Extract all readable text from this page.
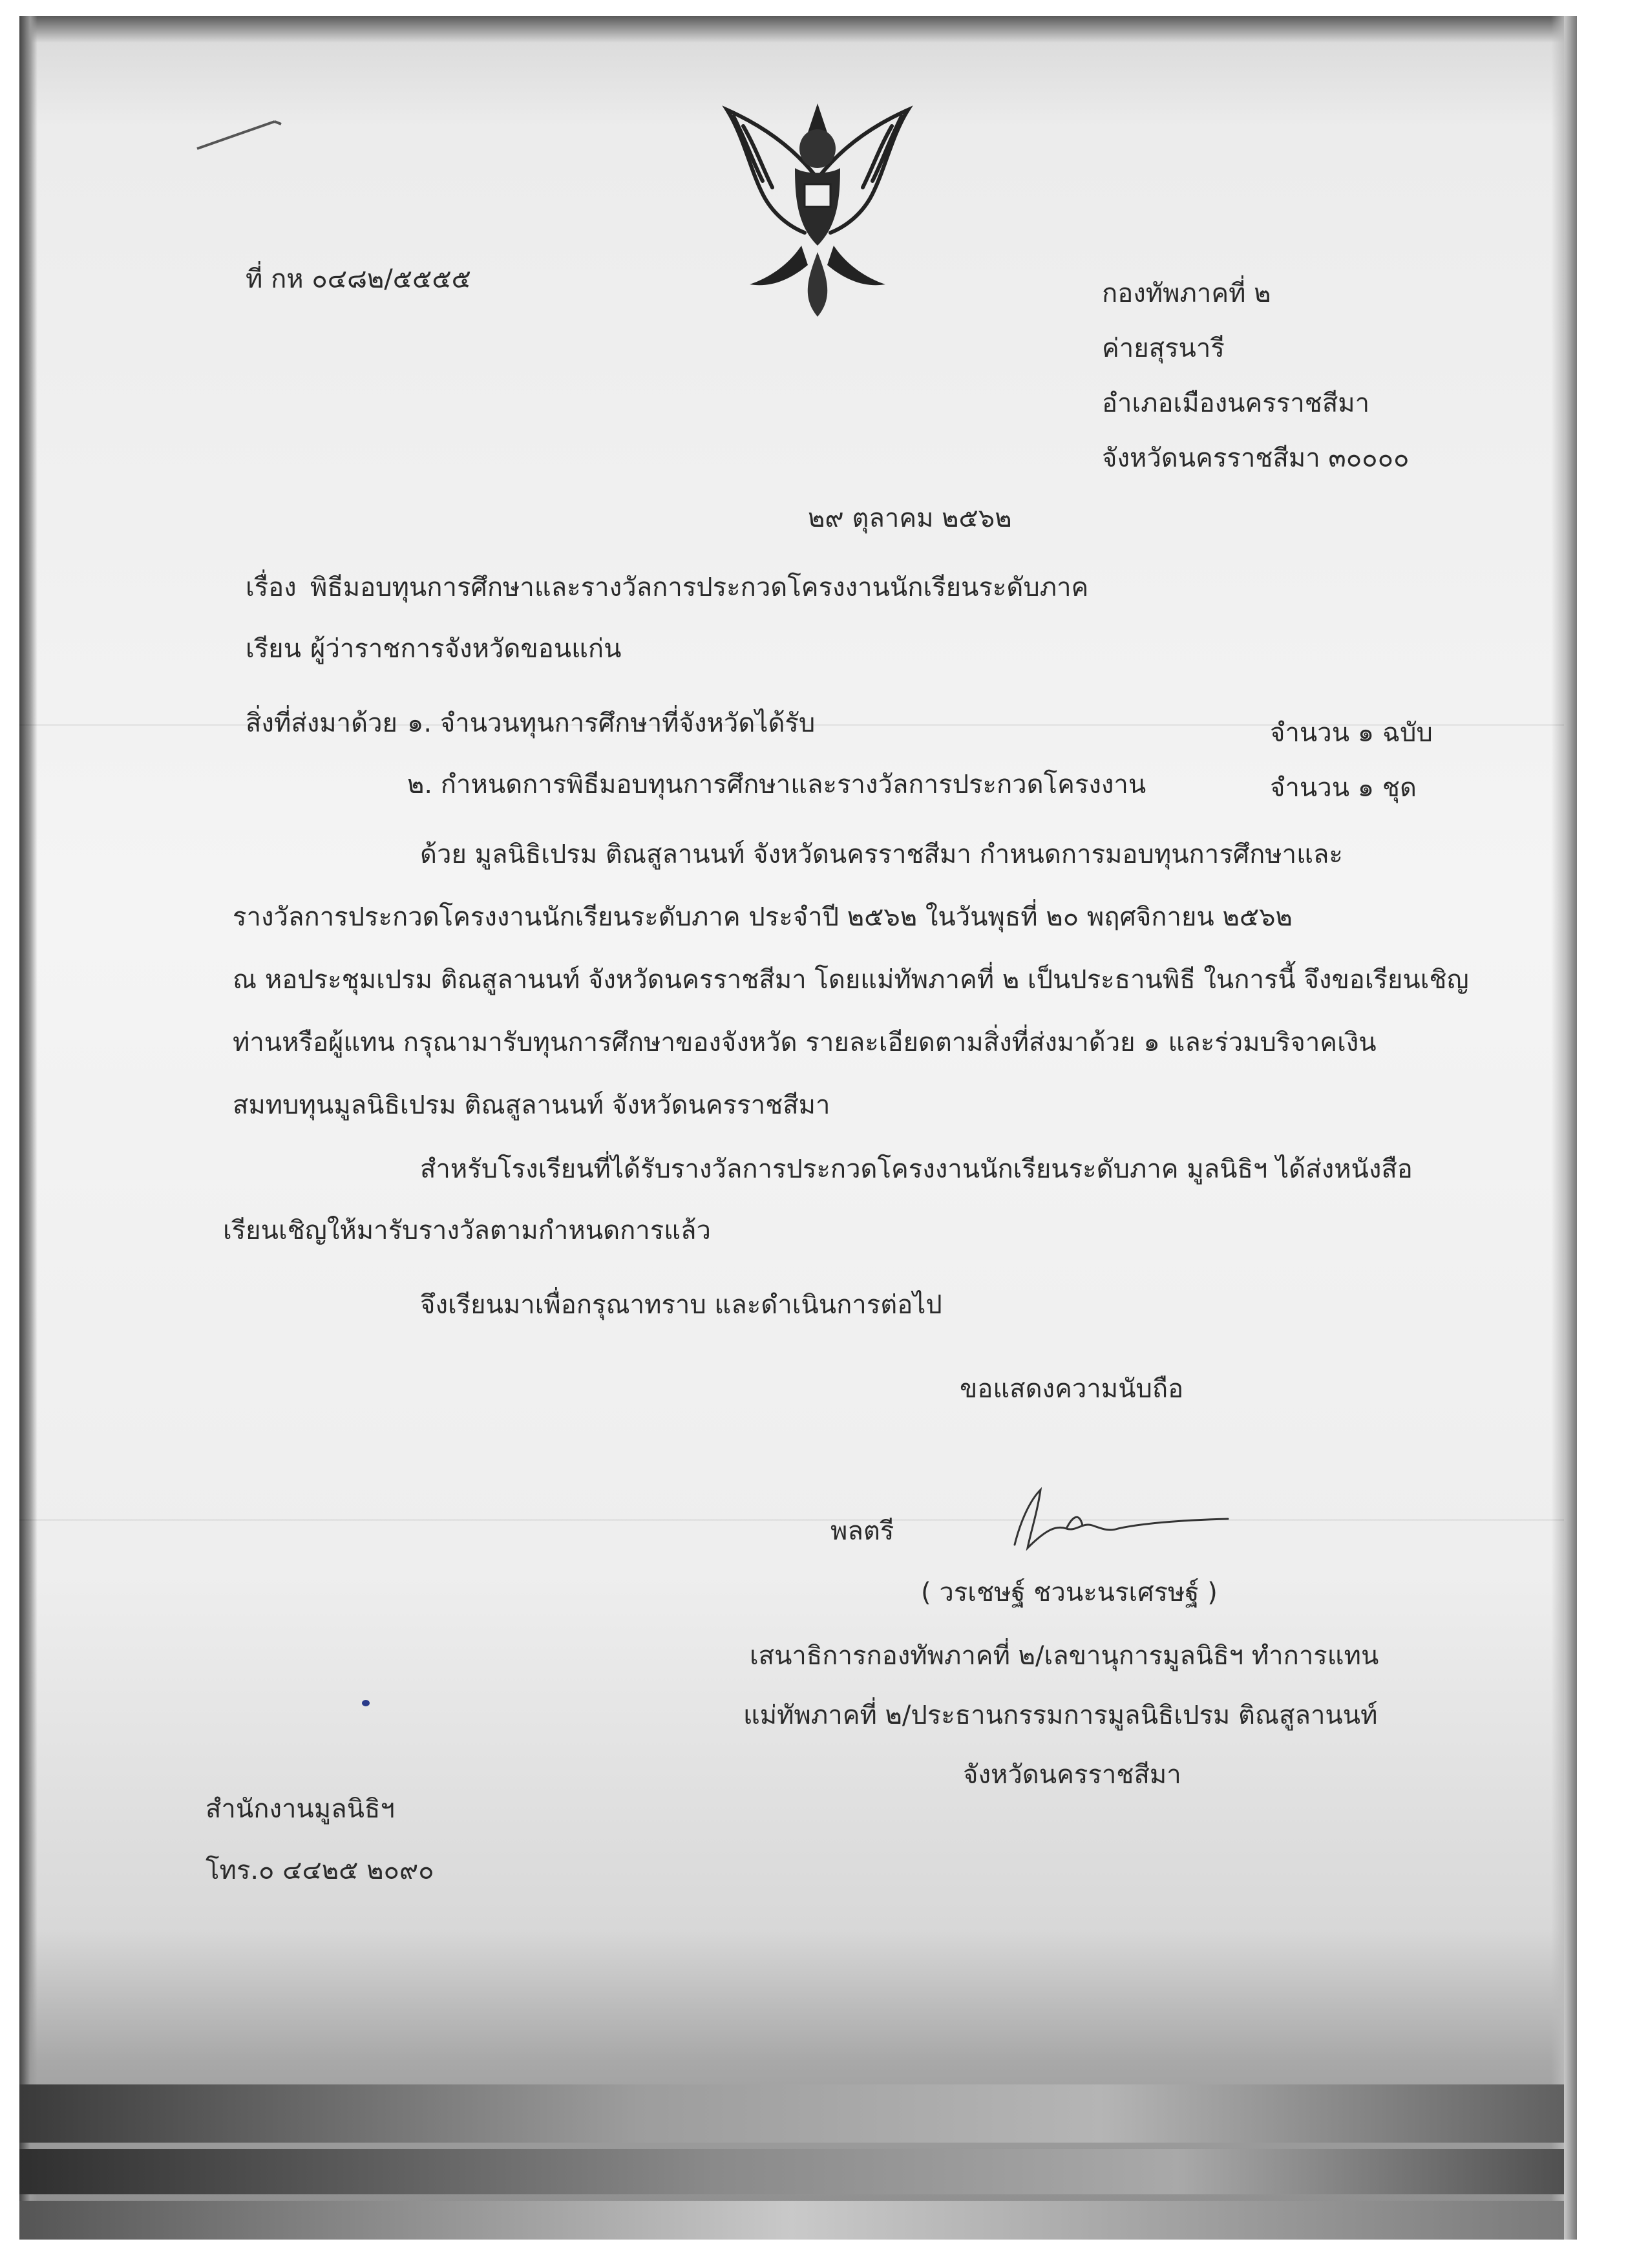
ที่ กห ๐๔๘๒/๕๕๕๕	กองทัพภาคที่ ๒
ค่ายสุรนารี
อำเภอเมืองนครราชสีมา
จังหวัดนครราชสีมา ๓๐๐๐๐
๒๙ ตุลาคม ๒๕๖๒
เรื่อง พิธีมอบทุนการศึกษาและรางวัลการประกวดโครงงานนักเรียนระดับภาค
เรียน ผู้ว่าราชการจังหวัดขอนแก่น
สิ่งที่ส่งมาด้วย ๑. จำนวนทุนการศึกษาที่จังหวัดได้รับ	จำนวน ๑ ฉบับ
๒. กำหนดการพิธีมอบทุนการศึกษาและรางวัลการประกวดโครงงาน	จำนวน ๑ ชุด
ด้วย มูลนิธิเปรม ติณสูลานนท์ จังหวัดนครราชสีมา กำหนดการมอบทุนการศึกษาและ
รางวัลการประกวดโครงงานนักเรียนระดับภาค ประจำปี ๒๕๖๒ ในวันพุธที่ ๒๐ พฤศจิกายน ๒๕๖๒
ณ หอประชุมเปรม ติณสูลานนท์ จังหวัดนครราชสีมา โดยแม่ทัพภาคที่ ๒ เป็นประธานพิธี ในการนี้ จึงขอเรียนเชิญ
ท่านหรือผู้แทน กรุณามารับทุนการศึกษาของจังหวัด รายละเอียดตามสิ่งที่ส่งมาด้วย ๑ และร่วมบริจาคเงิน
สมทบทุนมูลนิธิเปรม ติณสูลานนท์ จังหวัดนครราชสีมา
สำหรับโรงเรียนที่ได้รับรางวัลการประกวดโครงงานนักเรียนระดับภาค มูลนิธิฯ ได้ส่งหนังสือ
เรียนเชิญให้มารับรางวัลตามกำหนดการแล้ว
จึงเรียนมาเพื่อกรุณาทราบ และดำเนินการต่อไป
ขอแสดงความนับถือ
พลตรี
( วรเชษฐ์ ชวนะนรเศรษฐ์ )
เสนาธิการกองทัพภาคที่ ๒/เลขานุการมูลนิธิฯ ทำการแทน
แม่ทัพภาคที่ ๒/ประธานกรรมการมูลนิธิเปรม ติณสูลานนท์
จังหวัดนครราชสีมา
สำนักงานมูลนิธิฯ
โทร.๐ ๔๔๒๕ ๒๐๙๐
